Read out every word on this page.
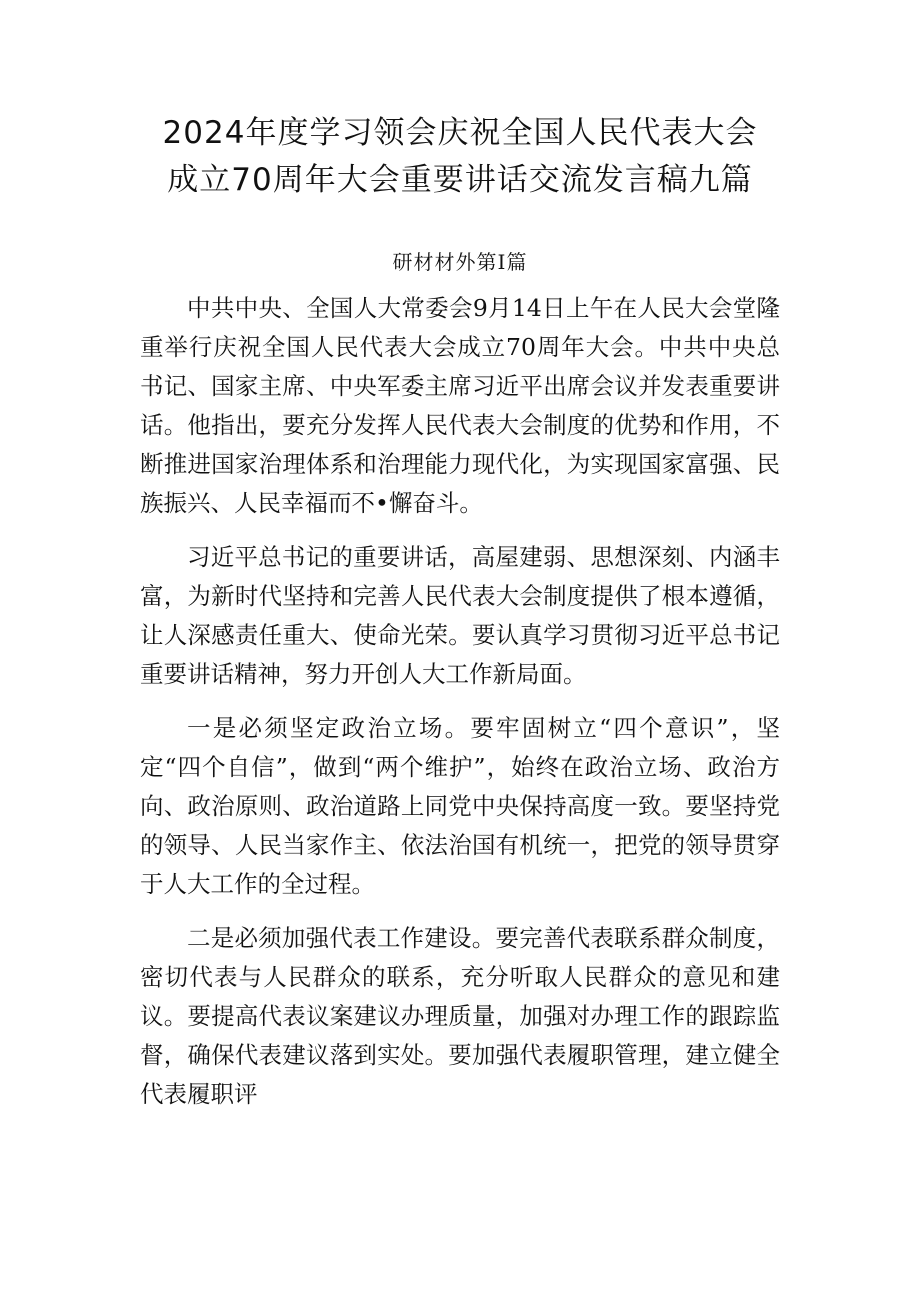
2024年度学习领会庆祝全国人民代表大会
成立70周年大会重要讲话交流发言稿九篇
研材材外第Ⅰ篇

中共中央、全国人大常委会9月14日上午在人民大会堂隆重举行庆祝全国人民代表大会成立70周年大会。中共中央总书记、国家主席、中央军委主席习近平出席会议并发表重要讲话。他指出，要充分发挥人民代表大会制度的优势和作用，不断推进国家治理体系和治理能力现代化，为实现国家富强、民族振兴、人民幸福而不•懈奋斗。

习近平总书记的重要讲话，高屋建弱、思想深刻、内涵丰富，为新时代坚持和完善人民代表大会制度提供了根本遵循，让人深感责任重大、使命光荣。要认真学习贯彻习近平总书记重要讲话精神，努力开创人大工作新局面。

一是必须坚定政治立场。要牢固树立“四个意识”，坚定“四个自信”，做到“两个维护”，始终在政治立场、政治方向、政治原则、政治道路上同党中央保持高度一致。要坚持党的领导、人民当家作主、依法治国有机统一，把党的领导贯穿于人大工作的全过程。

二是必须加强代表工作建设。要完善代表联系群众制度，密切代表与人民群众的联系，充分听取人民群众的意见和建议。要提高代表议案建议办理质量，加强对办理工作的跟踪监督，确保代表建议落到实处。要加强代表履职管理，建立健全代表履职评
